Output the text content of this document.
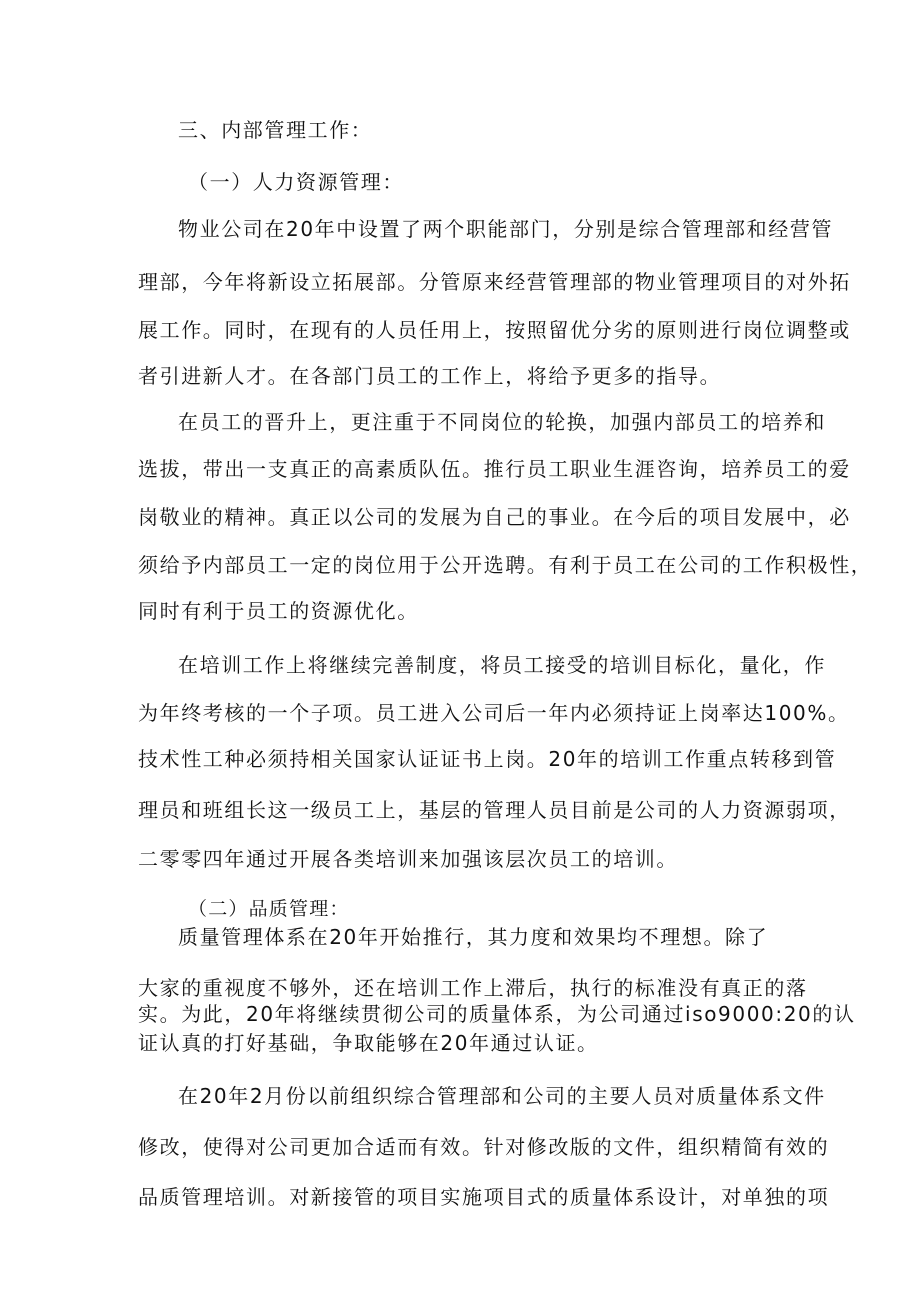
三、内部管理工作：
（一）人力资源管理：
物业公司在20年中设置了两个职能部门，分别是综合管理部和经营管
理部，今年将新设立拓展部。分管原来经营管理部的物业管理项目的对外拓
展工作。同时，在现有的人员任用上，按照留优分劣的原则进行岗位调整或
者引进新人才。在各部门员工的工作上，将给予更多的指导。
在员工的晋升上，更注重于不同岗位的轮换，加强内部员工的培养和
选拔，带出一支真正的高素质队伍。推行员工职业生涯咨询，培养员工的爱
岗敬业的精神。真正以公司的发展为自己的事业。在今后的项目发展中，必
须给予内部员工一定的岗位用于公开选聘。有利于员工在公司的工作积极性，
同时有利于员工的资源优化。
在培训工作上将继续完善制度，将员工接受的培训目标化，量化，作
为年终考核的一个子项。员工进入公司后一年内必须持证上岗率达100%。
技术性工种必须持相关国家认证证书上岗。20年的培训工作重点转移到管
理员和班组长这一级员工上，基层的管理人员目前是公司的人力资源弱项，
二零零四年通过开展各类培训来加强该层次员工的培训。
（二）品质管理：
质量管理体系在20年开始推行，其力度和效果均不理想。除了
大家的重视度不够外，还在培训工作上滞后，执行的标准没有真正的落
实。为此，20年将继续贯彻公司的质量体系，为公司通过iso9000:20的认
证认真的打好基础，争取能够在20年通过认证。
在20年2月份以前组织综合管理部和公司的主要人员对质量体系文件
修改，使得对公司更加合适而有效。针对修改版的文件，组织精简有效的
品质管理培训。对新接管的项目实施项目式的质量体系设计，对单独的项
